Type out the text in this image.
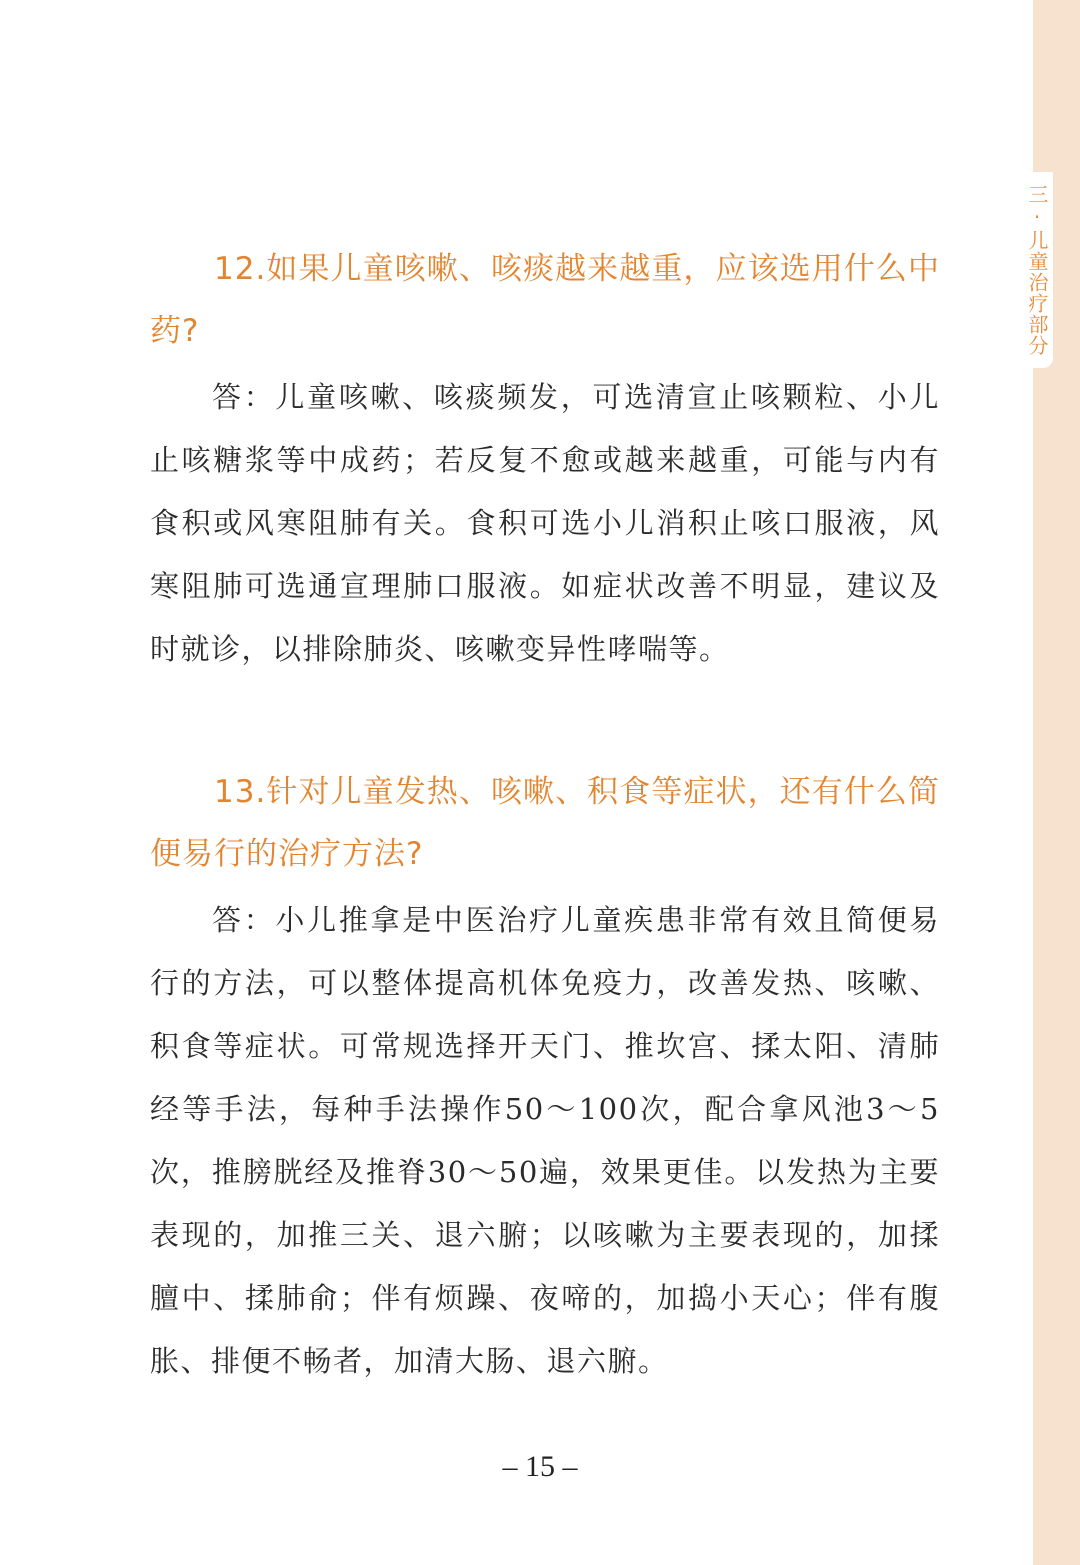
三·儿童治疗部分
12.如果儿童咳嗽、咳痰越来越重，应该选用什么中药?

答：儿童咳嗽、咳痰频发，可选清宣止咳颗粒、小儿止咳糖浆等中成药；若反复不愈或越来越重，可能与内有食积或风寒阻肺有关。食积可选小儿消积止咳口服液，风寒阻肺可选通宣理肺口服液。如症状改善不明显，建议及时就诊，以排除肺炎、咳嗽变异性哮喘等。

13.针对儿童发热、咳嗽、积食等症状，还有什么简便易行的治疗方法?

答：小儿推拿是中医治疗儿童疾患非常有效且简便易行的方法，可以整体提高机体免疫力，改善发热、咳嗽、积食等症状。可常规选择开天门、推坎宫、揉太阳、清肺经等手法，每种手法操作50～100次，配合拿风池3～5次，推膀胱经及推脊30～50遍，效果更佳。以发热为主要表现的，加推三关、退六腑；以咳嗽为主要表现的，加揉膻中、揉肺俞；伴有烦躁、夜啼的，加捣小天心；伴有腹胀、排便不畅者，加清大肠、退六腑。

– 15 –
